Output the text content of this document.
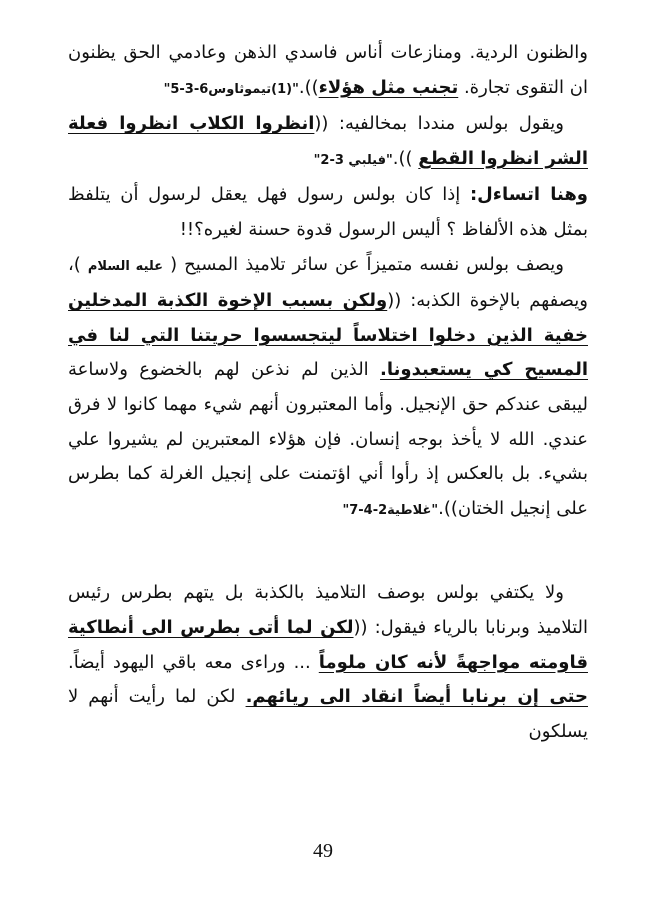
والظنون الردية. ومنازعات أناس فاسدي الذهن وعادمي الحق يظنون ان التقوى تجارة. تجنب مثل هؤلاء))."(1)تيموثاوس6-3-5"

ويقول بولس منددا بمخالفيه: ((انظروا الكلاب انظروا فعلة الشر انظروا القطع ))."فيلبي 3-2"

وهنا اتساءل: إذا كان بولس رسول فهل يعقل لرسول أن يتلفظ بمثل هذه الألفاظ ؟ أليس الرسول قدوة حسنة لغيره؟!!

ويصف بولس نفسه متميزاً عن سائر تلاميذ المسيح ( عليه السلام )، ويصفهم بالإخوة الكذبه: ((ولكن بسبب الإخوة الكذبة المدخلين خفية الذين دخلوا اختلاساً ليتجسسوا حريتنا التي لنا في المسيح كي يستعبدونا. الذين لم نذعن لهم بالخضوع ولاساعة ليبقى عندكم حق الإنجيل. وأما المعتبرون أنهم شيء مهما كانوا لا فرق عندي. الله لا يأخذ بوجه إنسان. فإن هؤلاء المعتبرين لم يشيروا علي بشيء. بل بالعكس إذ رأوا أني اؤتمنت على إنجيل الغرلة كما بطرس على إنجيل الختان))."غلاطية2-4-7"

ولا يكتفي بولس بوصف التلاميذ بالكذبة بل يتهم بطرس رئيس التلاميذ وبرنابا بالرياء فيقول: ((لكن لما أتى بطرس الى أنطاكية قاومته مواجهةً لأنه كان ملوماً ... وراءى معه باقي اليهود أيضاً. حتى إن برنابا أيضاً انقاد الى ريائهم. لكن لما رأيت أنهم لا يسلكون

49
